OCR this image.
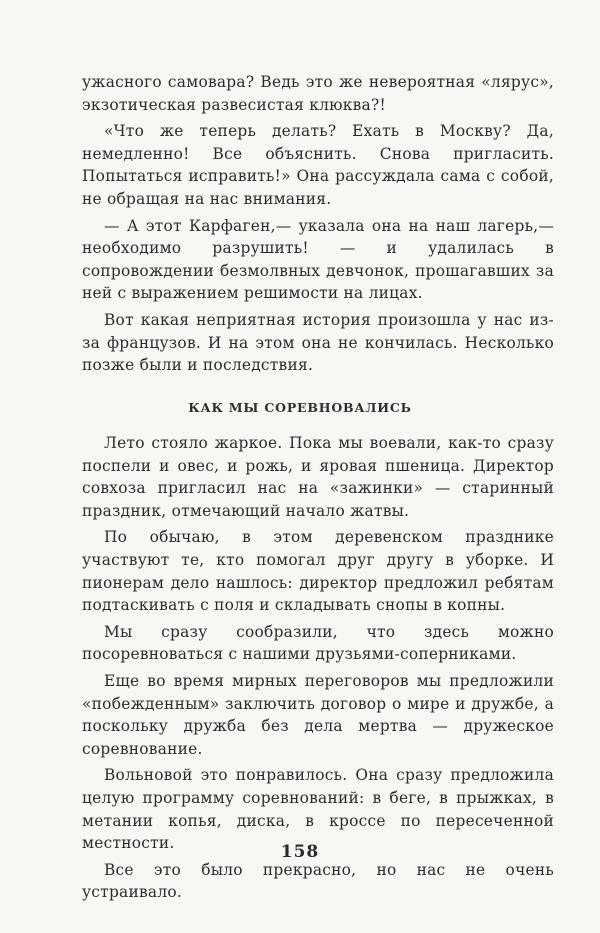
ужасного самовара? Ведь это же невероятная «лярус», экзотическая развесистая клюква?!

«Что же теперь делать? Ехать в Москву? Да, немедленно! Все объяснить. Снова пригласить. Попытаться исправить!» Она рассуждала сама с собой, не обращая на нас внимания.

— А этот Карфаген,— указала она на наш лагерь,— необходимо разрушить! — и удалилась в сопровождении безмолвных девчонок, прошагавших за ней с выражением решимости на лицах.

Вот какая неприятная история произошла у нас из-за французов. И на этом она не кончилась. Несколько позже были и последствия.

КАК МЫ СОРЕВНОВАЛИСЬ

Лето стояло жаркое. Пока мы воевали, как-то сразу поспели и овес, и рожь, и яровая пшеница. Директор совхоза пригласил нас на «зажинки» — старинный праздник, отмечающий начало жатвы.

По обычаю, в этом деревенском празднике участвуют те, кто помогал друг другу в уборке. И пионерам дело нашлось: директор предложил ребятам подтаскивать с поля и складывать снопы в копны.

Мы сразу сообразили, что здесь можно посоревноваться с нашими друзьями-соперниками.

Еще во время мирных переговоров мы предложили «побежденным» заключить договор о мире и дружбе, а поскольку дружба без дела мертва — дружеское соревнование.

Вольновой это понравилось. Она сразу предложила целую программу соревнований: в беге, в прыжках, в метании копья, диска, в кроссе по пересеченной местности.

Все это было прекрасно, но нас не очень устраивало.

158
